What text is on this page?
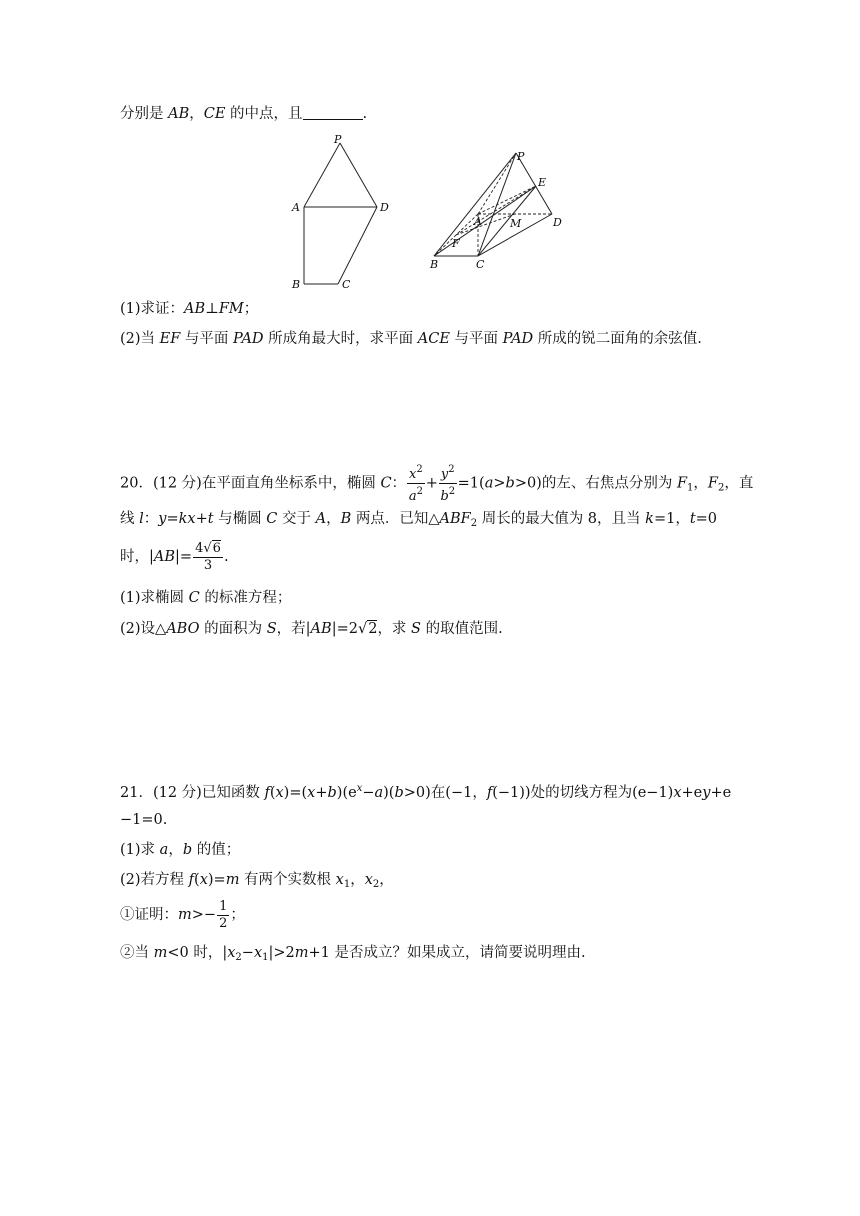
分别是 AB，CE 的中点，且	.
P
A	D
B	C
P
E
A	M	D
F
B	C
(1)求证：AB⊥FM；
(2)当 EF 与平面 PAD 所成角最大时，求平面 ACE 与平面 PAD 所成的锐二面角的余弦值.
20．(12 分)在平面直角坐标系中，椭圆 C： $\frac{x^2}{a^2} + \frac{y^2}{b^2} =1(a>b>0)$的左、右焦点分别为 $F_1$，$F_2$，直
线 l：y=kx+t 与椭圆 C 交于 A，B 两点．已知$\triangle ABF_2$ 周长的最大值为 8，且当 k=1，t=0
时，$|AB|= \frac{4√6}{3}$ .
(1)求椭圆 C 的标准方程；
(2)设△ABO 的面积为 S，若|AB|=2√2，求 S 的取值范围.
21．(12 分)已知函数 $f(x)=(x+b)(e^x-a)(b>0)$在(−1，f(−1))处的切线方程为(e−1)x+ey+e
−1=0.
(1)求 a，b 的值；
(2)若方程 f(x)=m 有两个实数根 $x_1$，$x_2$，
①证明：$m>- \frac{1}{2}$ ；
②当 m<0 时，$|x_2-x_1|>2m+1$ 是否成立？如果成立，请简要说明理由.
